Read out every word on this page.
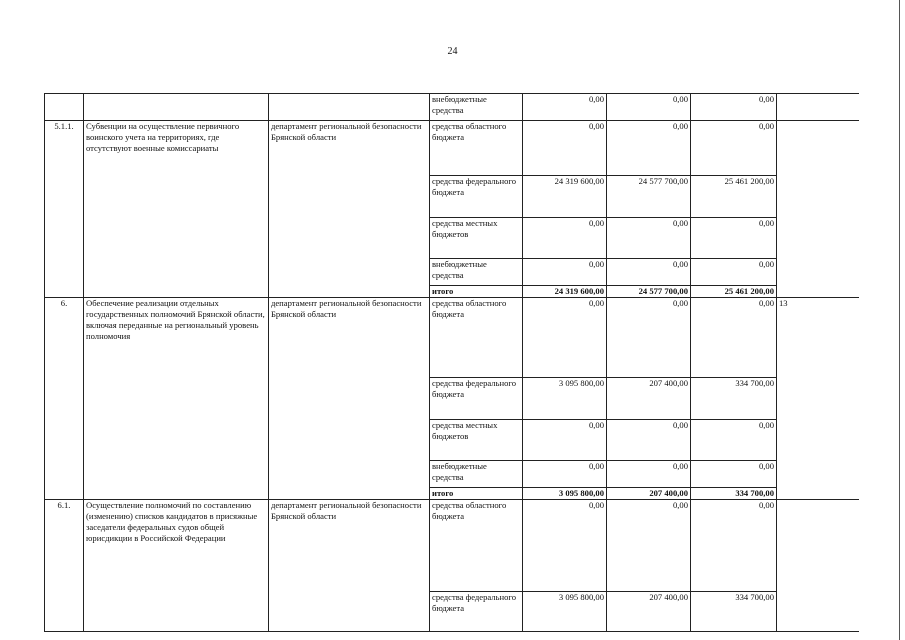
24
			внебюджетные средства	0,00	0,00	0,00	
5.1.1.	Субвенции на осуществление первичного воинского учета на территориях, где отсутствуют военные комиссариаты	департамент региональной безопасности Брянской области	средства областного бюджета	0,00	0,00	0,00	
			средства федерального бюджета	24 319 600,00	24 577 700,00	25 461 200,00	
			средства местных бюджетов	0,00	0,00	0,00	
			внебюджетные средства	0,00	0,00	0,00	
			итого	24 319 600,00	24 577 700,00	25 461 200,00	
6.	Обеспечение реализации отдельных государственных полномочий Брянской области, включая переданные на региональный уровень полномочия	департамент региональной безопасности Брянской области	средства областного бюджета	0,00	0,00	0,00	13
			средства федерального бюджета	3 095 800,00	207 400,00	334 700,00	
			средства местных бюджетов	0,00	0,00	0,00	
			внебюджетные средства	0,00	0,00	0,00	
			итого	3 095 800,00	207 400,00	334 700,00	
6.1.	Осуществление полномочий по составлению (изменению) списков кандидатов в присяжные заседатели федеральных судов общей юрисдикции в Российской Федерации	департамент региональной безопасности Брянской области	средства областного бюджета	0,00	0,00	0,00	
			средства федерального бюджета	3 095 800,00	207 400,00	334 700,00	
